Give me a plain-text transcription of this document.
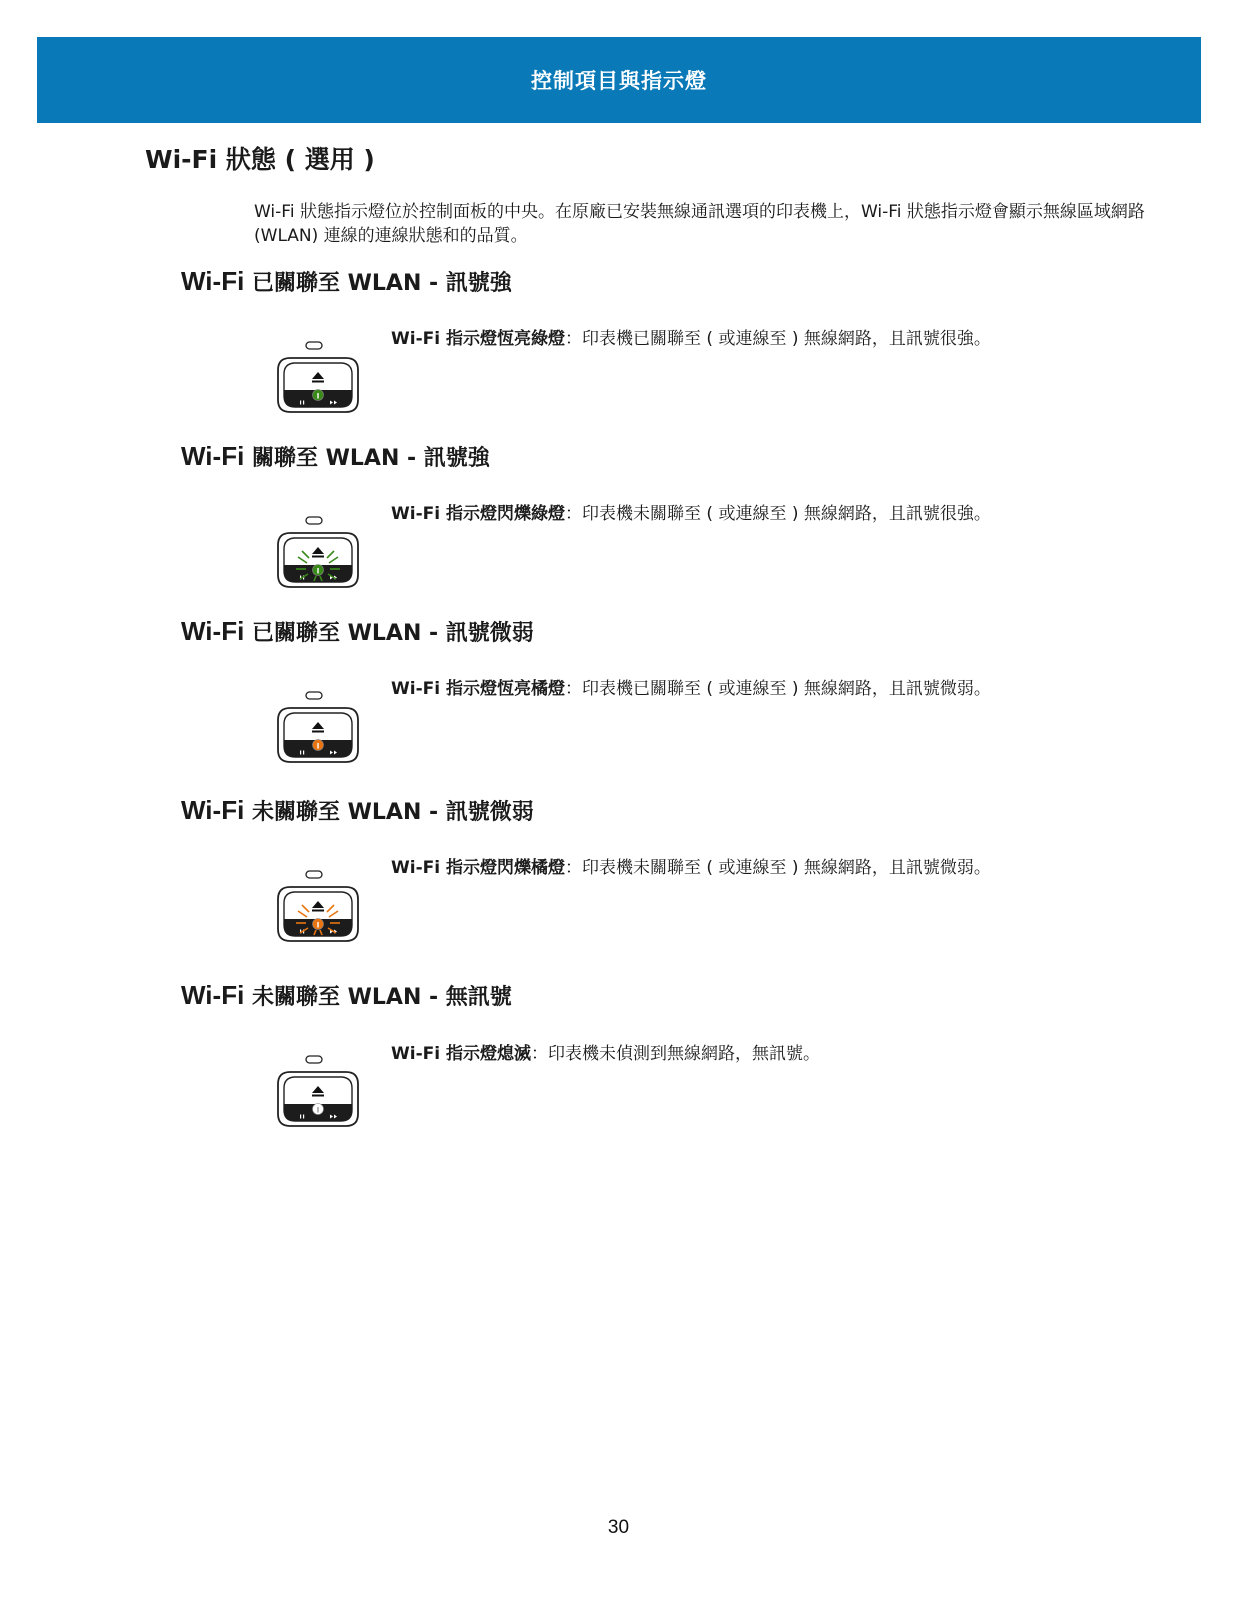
控制項目與指示燈
Wi-Fi 狀態 ( 選用 )

Wi-Fi 狀態指示燈位於控制面板的中央。在原廠已安裝無線通訊選項的印表機上，Wi-Fi 狀態指示燈會顯示無線區域網路 (WLAN) 連線的連線狀態和的品質。

Wi-Fi 已關聯至 WLAN - 訊號強

Wi-Fi 指示燈恆亮綠燈：印表機已關聯至 ( 或連線至 ) 無線網路，且訊號很強。

Wi-Fi 關聯至 WLAN - 訊號強

Wi-Fi 指示燈閃爍綠燈：印表機未關聯至 ( 或連線至 ) 無線網路，且訊號很強。

Wi-Fi 已關聯至 WLAN - 訊號微弱

Wi-Fi 指示燈恆亮橘燈：印表機已關聯至 ( 或連線至 ) 無線網路，且訊號微弱。

Wi-Fi 未關聯至 WLAN - 訊號微弱

Wi-Fi 指示燈閃爍橘燈：印表機未關聯至 ( 或連線至 ) 無線網路，且訊號微弱。

Wi-Fi 未關聯至 WLAN - 無訊號

Wi-Fi 指示燈熄滅：印表機未偵測到無線網路，無訊號。

30
